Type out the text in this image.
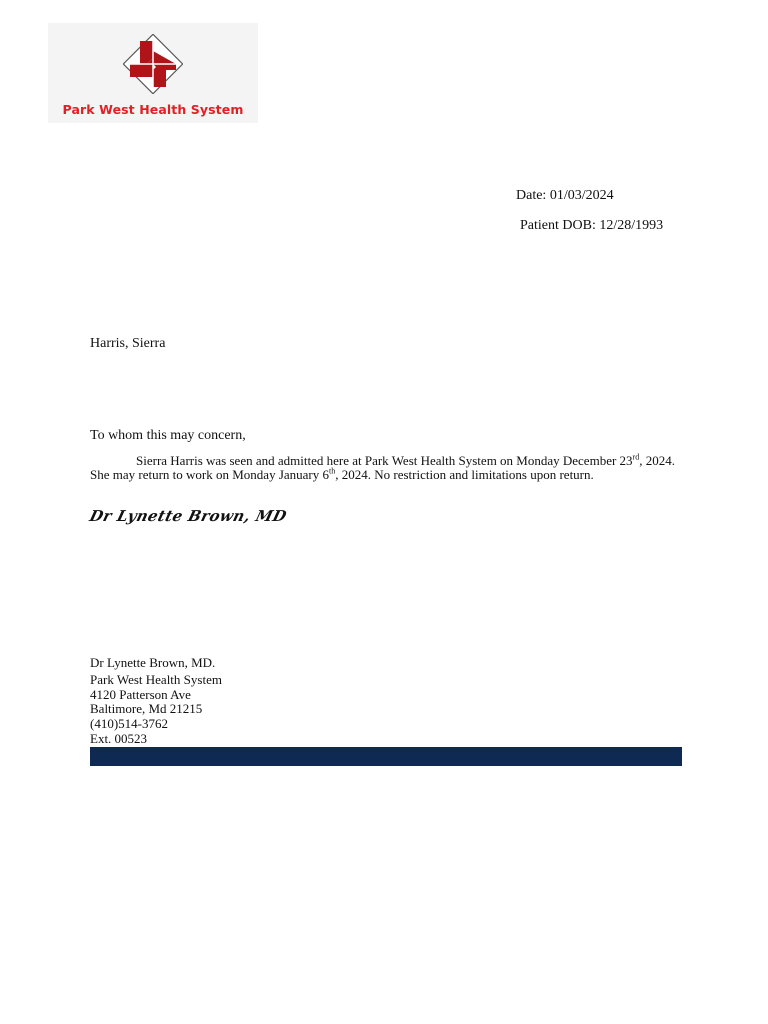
Park West Health System
Date: 01/03/2024
Patient DOB: 12/28/1993
Harris, Sierra
To whom this may concern,
Sierra Harris was seen and admitted here at Park West Health System on Monday December 23rd, 2024. She may return to work on Monday January 6th, 2024. No restriction and limitations upon return.
Dr Lynette Brown, MD
Dr Lynette Brown, MD.
Park West Health System
4120 Patterson Ave
Baltimore, Md 21215
(410)514-3762
Ext. 00523
